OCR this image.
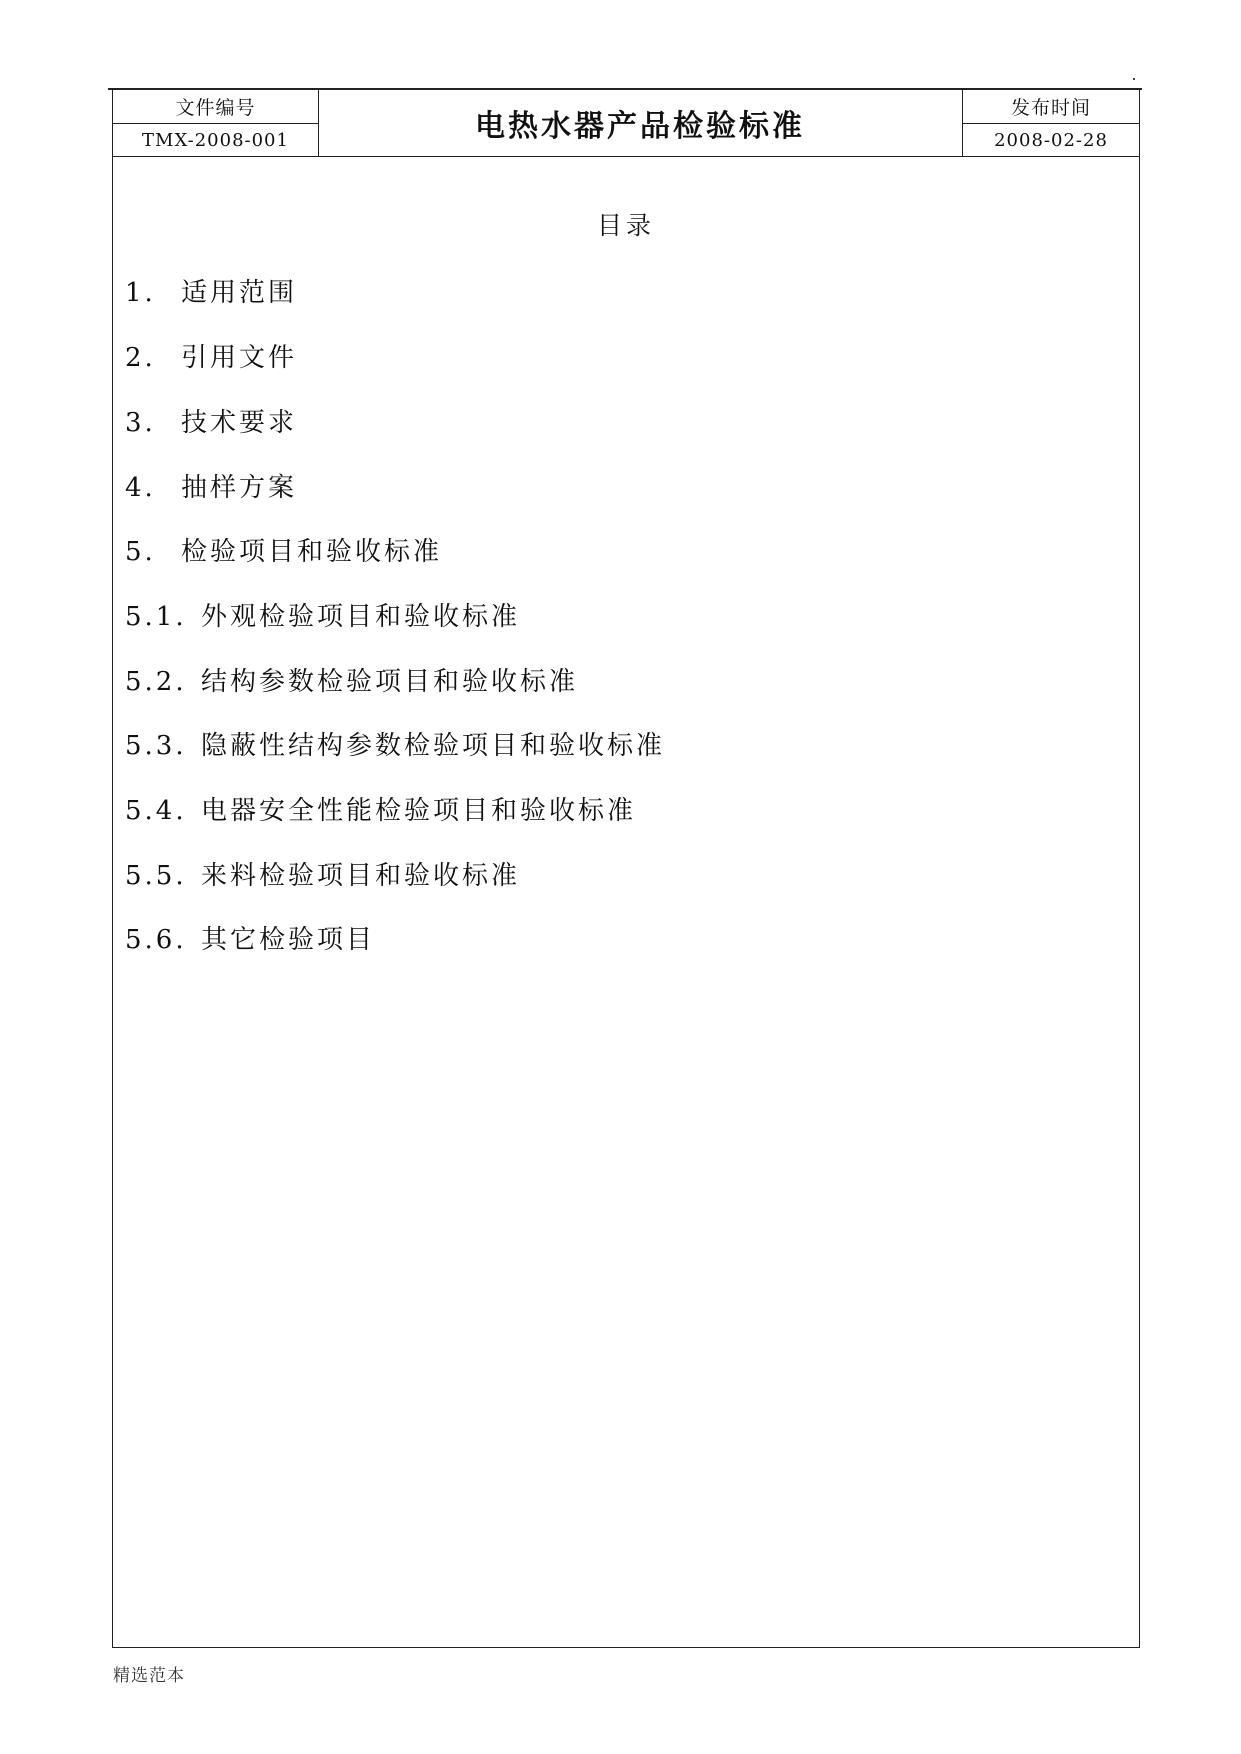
文件编号
TMX-2008-001	电热水器产品检验标准
发布时间
2008-02-28
目录
1. 适用范围
2. 引用文件
3. 技术要求
4. 抽样方案
5. 检验项目和验收标准
5.1. 外观检验项目和验收标准
5.2. 结构参数检验项目和验收标准
5.3. 隐蔽性结构参数检验项目和验收标准
5.4. 电器安全性能检验项目和验收标准
5.5. 来料检验项目和验收标准
5.6. 其它检验项目
精选范本
